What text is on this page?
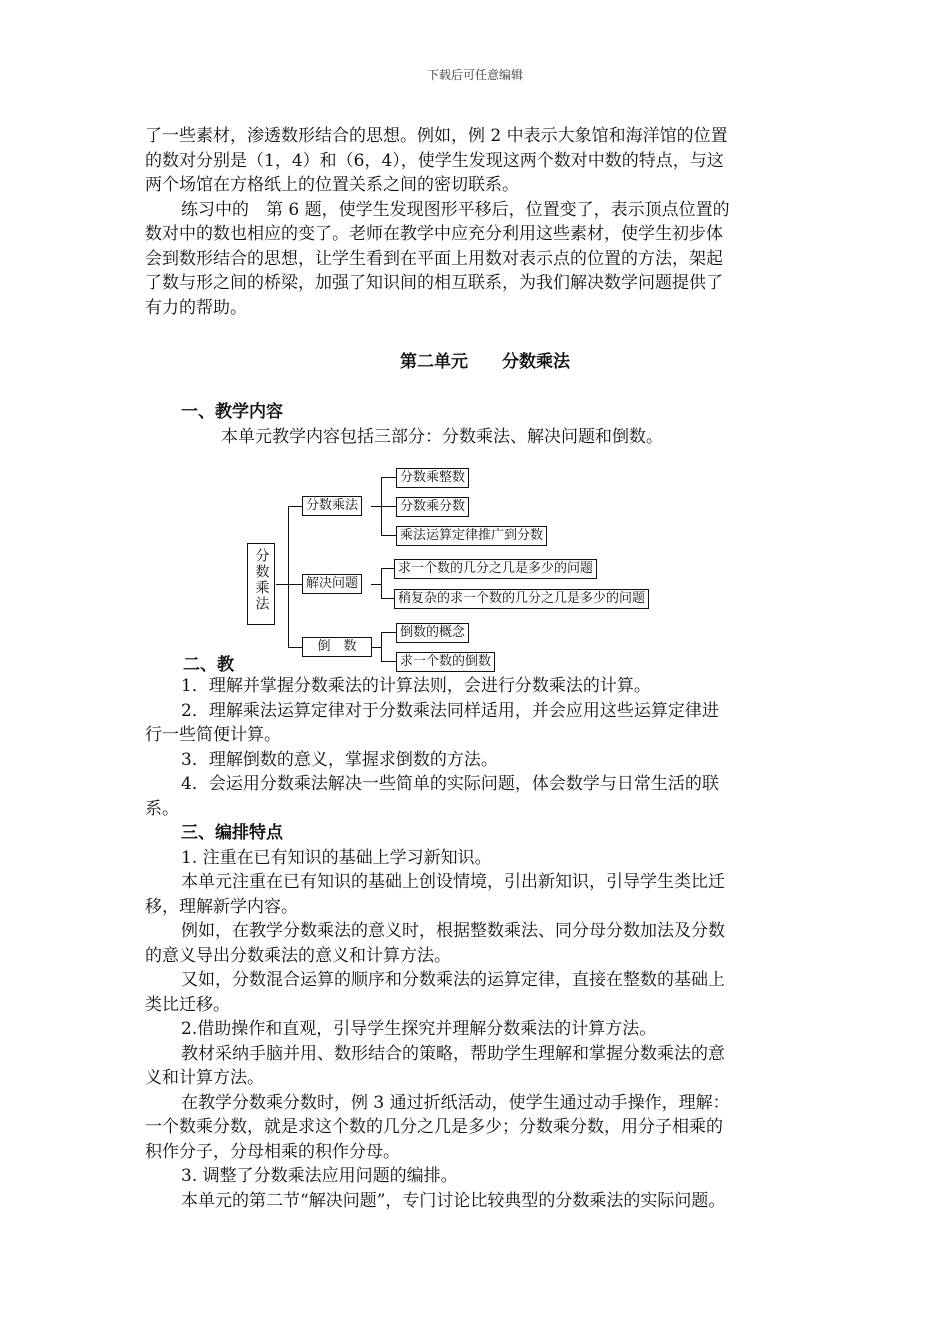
下载后可任意编辑

了一些素材，渗透数形结合的思想。例如，例 2 中表示大象馆和海洋馆的位置

的数对分别是（1，4）和（6，4），使学生发现这两个数对中数的特点，与这

两个场馆在方格纸上的位置关系之间的密切联系。

练习中的　第 6 题，使学生发现图形平移后，位置变了，表示顶点位置的

数对中的数也相应的变了。老师在教学中应充分利用这些素材，使学生初步体

会到数形结合的思想，让学生看到在平面上用数对表示点的位置的方法，架起

了数与形之间的桥梁，加强了知识间的相互联系，为我们解决数学问题提供了

有力的帮助。

第二单元　　分数乘法

一、教学内容

本单元教学内容包括三部分：分数乘法、解决问题和倒数。

分数乘法
分数乘法
分数乘整数
分数乘分数
乘法运算定律推广到分数
解决问题
求一个数的几分之几是多少的问题
稍复杂的求一个数的几分之几是多少的问题
倒　数
倒数的概念
求一个数的倒数
二、教

1．理解并掌握分数乘法的计算法则，会进行分数乘法的计算。

2．理解乘法运算定律对于分数乘法同样适用，并会应用这些运算定律进

行一些简便计算。

3．理解倒数的意义，掌握求倒数的方法。

4．会运用分数乘法解决一些简单的实际问题，体会数学与日常生活的联

系。

三、编排特点

1. 注重在已有知识的基础上学习新知识。

本单元注重在已有知识的基础上创设情境，引出新知识，引导学生类比迁

移，理解新学内容。

例如，在教学分数乘法的意义时，根据整数乘法、同分母分数加法及分数

的意义导出分数乘法的意义和计算方法。

又如，分数混合运算的顺序和分数乘法的运算定律，直接在整数的基础上

类比迁移。

2.借助操作和直观，引导学生探究并理解分数乘法的计算方法。

教材采纳手脑并用、数形结合的策略，帮助学生理解和掌握分数乘法的意

义和计算方法。

在教学分数乘分数时，例 3 通过折纸活动，使学生通过动手操作，理解：

一个数乘分数，就是求这个数的几分之几是多少；分数乘分数，用分子相乘的

积作分子，分母相乘的积作分母。

3. 调整了分数乘法应用问题的编排。

本单元的第二节“解决问题”，专门讨论比较典型的分数乘法的实际问题。
